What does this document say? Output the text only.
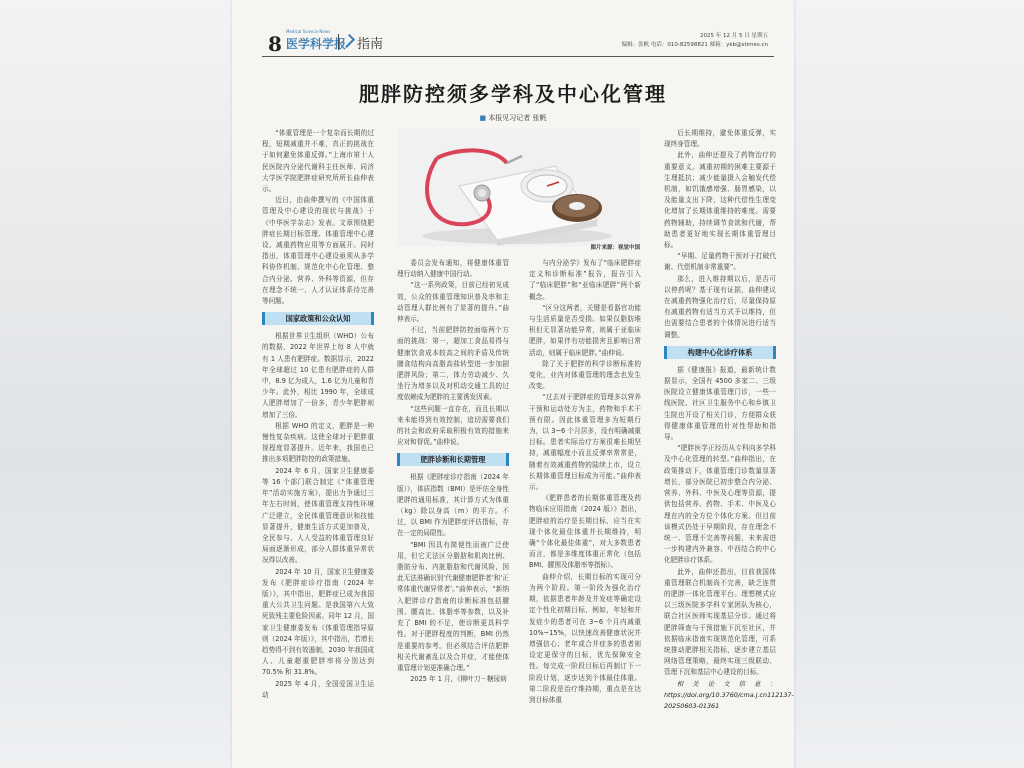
8
Medical Science News
医学科学报 指南
2025 年 12 月 5 日 星期五
编辑：张帆 电话：010-82598821 邮箱：ykb@stimes.cn
肥胖防控须多学科及中心化管理
■ 本报见习记者 张帆
图片来源：视觉中国

“体重管理是一个复杂而长期的过程，短期减重并不难，真正的挑战在于如何避免体重反弹。”上海市第十人民医院内分泌代谢科主任医师、同济大学医学院肥胖症研究所所长曲伸表示。

近日，由曲伸撰写的《中国体重管理及中心建设的现状与挑战》于《中华医学杂志》发表。文章围绕肥胖症长期目标管理、体重管理中心建设、减重药物应用等方面展开。同时指出，体重管理中心建设亟须从多学科协作机制、规范化中心化管理、整合内分泌、营养、外科等资源，但存在理念不统一、人才认证体系待完善等问题。

国家政策和公众认知

根据世界卫生组织（WHO）公布的数据，2022 年世界上每 8 人中就有 1 人患有肥胖症。数据显示，2022 年全球超过 10 亿患有肥胖症的人群中，8.9 亿为成人，1.6 亿为儿童和青少年。此外，相比 1990 年，全球成人肥胖增加了一倍多，青少年肥胖则增加了三倍。

根据 WHO 的定义，肥胖是一种慢性复杂疾病。这使全球对于肥胖重视程度显著提升。近年来，我国也已推出多项肥胖防控的政策措施。

2024 年 6 月，国家卫生健康委等 16 个部门联合制定《“体重管理年”活动实施方案》，提出力争通过三年左右时间，使体重管理支持性环境广泛建立，全民体重管理意识和技能显著提升，健康生活方式更加普及，全民参与、人人受益的体重管理良好局面逐渐形成，部分人群体重异常状况得以改善。

2024 年 10 月，国家卫生健康委发布《肥胖症诊疗指南（2024 年版）》，其中指出，肥胖症已成为我国重大公共卫生问题。是我国第六大致死致残主要危险因素。同年 12 月，国家卫生健康委发布《体重管理指导原则（2024 年版）》，其中指出，若增长趋势得不到有效遏制，2030 年我国成人、儿童超重肥胖率将分别达到 70.5% 和 31.8%。

2025 年 4 月，全国爱国卫生运动

委员会发布通知，将健康体重管理行动纳入健康中国行动。

“这一系列政策，目前已经初见成效，公众的体重管理知识普及率和主动管理人群比例有了显著的提升。”曲伸表示。

不过，当前肥胖防控面临两个方面的挑战：第一，超加工食品易得与健康饮食成本较高之间的矛盾及传统膳食结构向高脂高盐转型进一步加剧肥胖风险；第二，体力劳动减少、久坐行为增多以及对机动交通工具的过度依赖成为肥胖的主要诱发因素。

“这些问题一直存在，而且长期以来未能得到有效控制，追切需要我们的社会和政府采取积极有效的措施来应对和督促。”曲伸说。

肥胖诊断和长期管理

根据《肥胖症诊疗指南（2024 年版）》，体质指数（BMI）是评估全身性肥胖的通用标准，其计算方式为体重（kg）除以身高（m）的平方。不过，以 BMI 作为肥胖症评估指标，存在一定的局限性。

“BMI 因具有简便性而被广泛使用，但它无法区分脂肪和肌肉比例、脂肪分布、内脏脂肪和代谢风险，因此无法准确识别‘代谢健康肥胖者’和‘正常体重代谢异常者’。”曲伸表示，“新纳入肥胖诊疗指南的诊断标准包括腰围、腰高比、体脂率等参数，以及补充了 BMI 的不足，使诊断更具科学性。对于肥胖程度的判断，BMI 仍然是重要的参考。但必须结合评估肥胖相关代谢紊乱以及合并症，才能使体重管理计划更准确合理。”

2025 年 1 月，《柳叶刀－糖尿病

与内分泌学》发布了“临床肥胖症定义和诊断标准”报告，报告引入了“临床肥胖”和“亚临床肥胖”两个新概念。

“区分这两者，关键是看器官功能与生活质量是否受损。如果仅脂肪堆积但无显著功能异常，则属于亚临床肥胖，如果伴有功能损害且影响日常活动，则属于临床肥胖。”曲伸说。

除了关于肥胖的科学诊断标准的变化，业内对体重管理的理念也发生改变。

“过去对于肥胖症的管理多以营养干预和运动处方为主，药物和手术干预有限。因此体重管理多为短期行为，以 3~6 个月居多，没有明确减重目标。患者实际治疗方案很难长期坚持，减重幅度小而且反弹率常常是，随着有效减重药物的陆续上市，设立长期体重管理目标成为可能。”曲伸表示。

《肥胖患者的长期体重管理及药物临床应用指南（2024 版）》指出，肥胖症的治疗是长期目标，应当在实现个体化最佳体重并长期维持，明确“个体化最佳体重”，对大多数患者而言，都是多维度体重正常化（包括 BMI、腰围及体脂率等指标）。

曲伸介绍，长期目标的实现可分为两个阶段。第一阶段为强化治疗期，依据患者年龄及并发症等确定设定个性化初期目标，例如，年轻和并发症少的患者可在 3~6 个月内减重 10%~15%，以快速改善健康状况并增强信心；老年或合并症多的患者则设定更保守的目标，优先保障安全性。每完成一阶段目标后再制订下一阶段计划，逐步达到个体最佳体重。第二阶段是治疗维持期，重点是在达到目标体重

后长期维持，避免体重反弹，实现终身管理。

此外，曲伸还提及了药物治疗的重要意义。减重初期的困难主要源于生理抵抗；减少能量摄入会触发代偿机制，如饥饿感增强、肠胃感染，以及能量支出下降，这种代偿性生理变化增加了长期体重维持的难度。需要药物辅助，持续调节食欲和代谢，帮助患者更好地实现长期体重管理目标。

“早期、足量药物干预对于打破代谢、代偿机制非常重要”。

那么，进入维持期以后，是否可以停药呢？基于现有证据，曲伸建议在减重药物强化治疗后，尽量保持原有减重药物有适当方式予以维持，但也需要结合患者的个体情况进行适当调整。

构建中心化诊疗体系

据《健康报》报道，最新统计数据显示，全国有 4500 多家二、三级医院设立健康体重管理门诊，一些一线医院、社区卫生服务中心和乡镇卫生院也开设了相关门诊，方便群众获得健康体重管理的针对性帮助和指导。

“肥胖医学正经历从专科向多学科及中心化管理的转型。”曲伸指出，在政策推动下，体重管理门诊数量显著增长，部分医院已初步整合内分泌、营养、外科、中医及心理等资源，提供包括营养、药物、手术、中医及心理在内的全方位个体化方案。但目前该模式仍处于早期阶段，存在理念不统一、管理不完善等问题，未来需进一步构建内外兼容、中西结合的中心化肥胖诊疗体系。

此外，曲伸还指出，目前我国体重管理联合机制尚不完善，缺乏连贯的肥胖一体化管理平台。理想模式应以三级医院多学科专家团队为核心，联合社区医师实现基层分诊。通过将肥胖筛查与干预措施下沉至社区，并依据临床指南实现规范化管理，可系统推动肥胖相关指标，逐步建立基层网络管理策略，最终实现三级联动、管理下沉和基层中心建设的目标。

相关论文信息：https://doi.org/10.3760/cma.j.cn112137-20250603-01361
